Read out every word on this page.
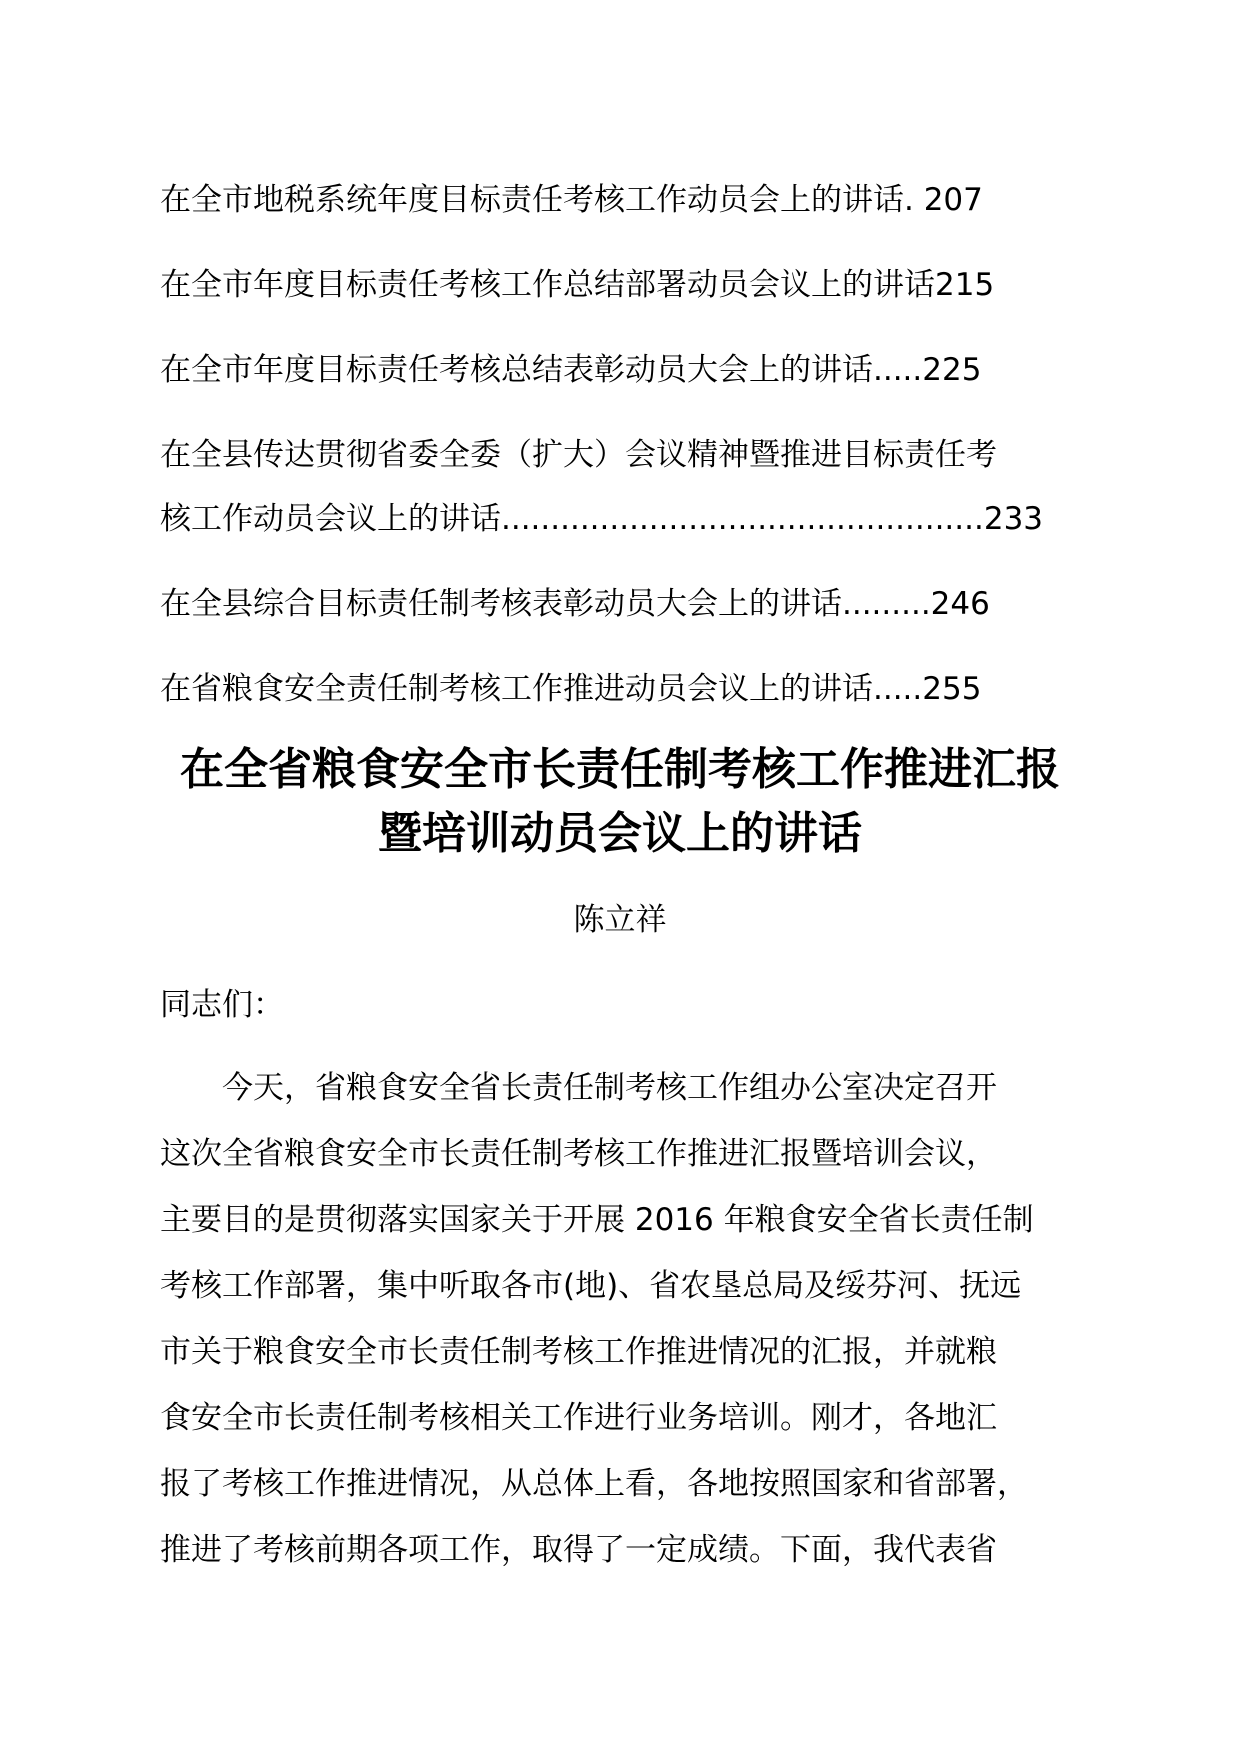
在全市地税系统年度目标责任考核工作动员会上的讲话. 207
在全市年度目标责任考核工作总结部署动员会议上的讲话215
在全市年度目标责任考核总结表彰动员大会上的讲话.....225
在全县传达贯彻省委全委（扩大）会议精神暨推进目标责任考
核工作动员会议上的讲话.................................................233
在全县综合目标责任制考核表彰动员大会上的讲话.........246
在省粮食安全责任制考核工作推进动员会议上的讲话.....255
在全省粮食安全市长责任制考核工作推进汇报
暨培训动员会议上的讲话
陈立祥
同志们：
今天，省粮食安全省长责任制考核工作组办公室决定召开
这次全省粮食安全市长责任制考核工作推进汇报暨培训会议，
主要目的是贯彻落实国家关于开展 2016 年粮食安全省长责任制
考核工作部署，集中听取各市(地)、省农垦总局及绥芬河、抚远
市关于粮食安全市长责任制考核工作推进情况的汇报，并就粮
食安全市长责任制考核相关工作进行业务培训。刚才，各地汇
报了考核工作推进情况，从总体上看，各地按照国家和省部署，
推进了考核前期各项工作，取得了一定成绩。下面，我代表省
